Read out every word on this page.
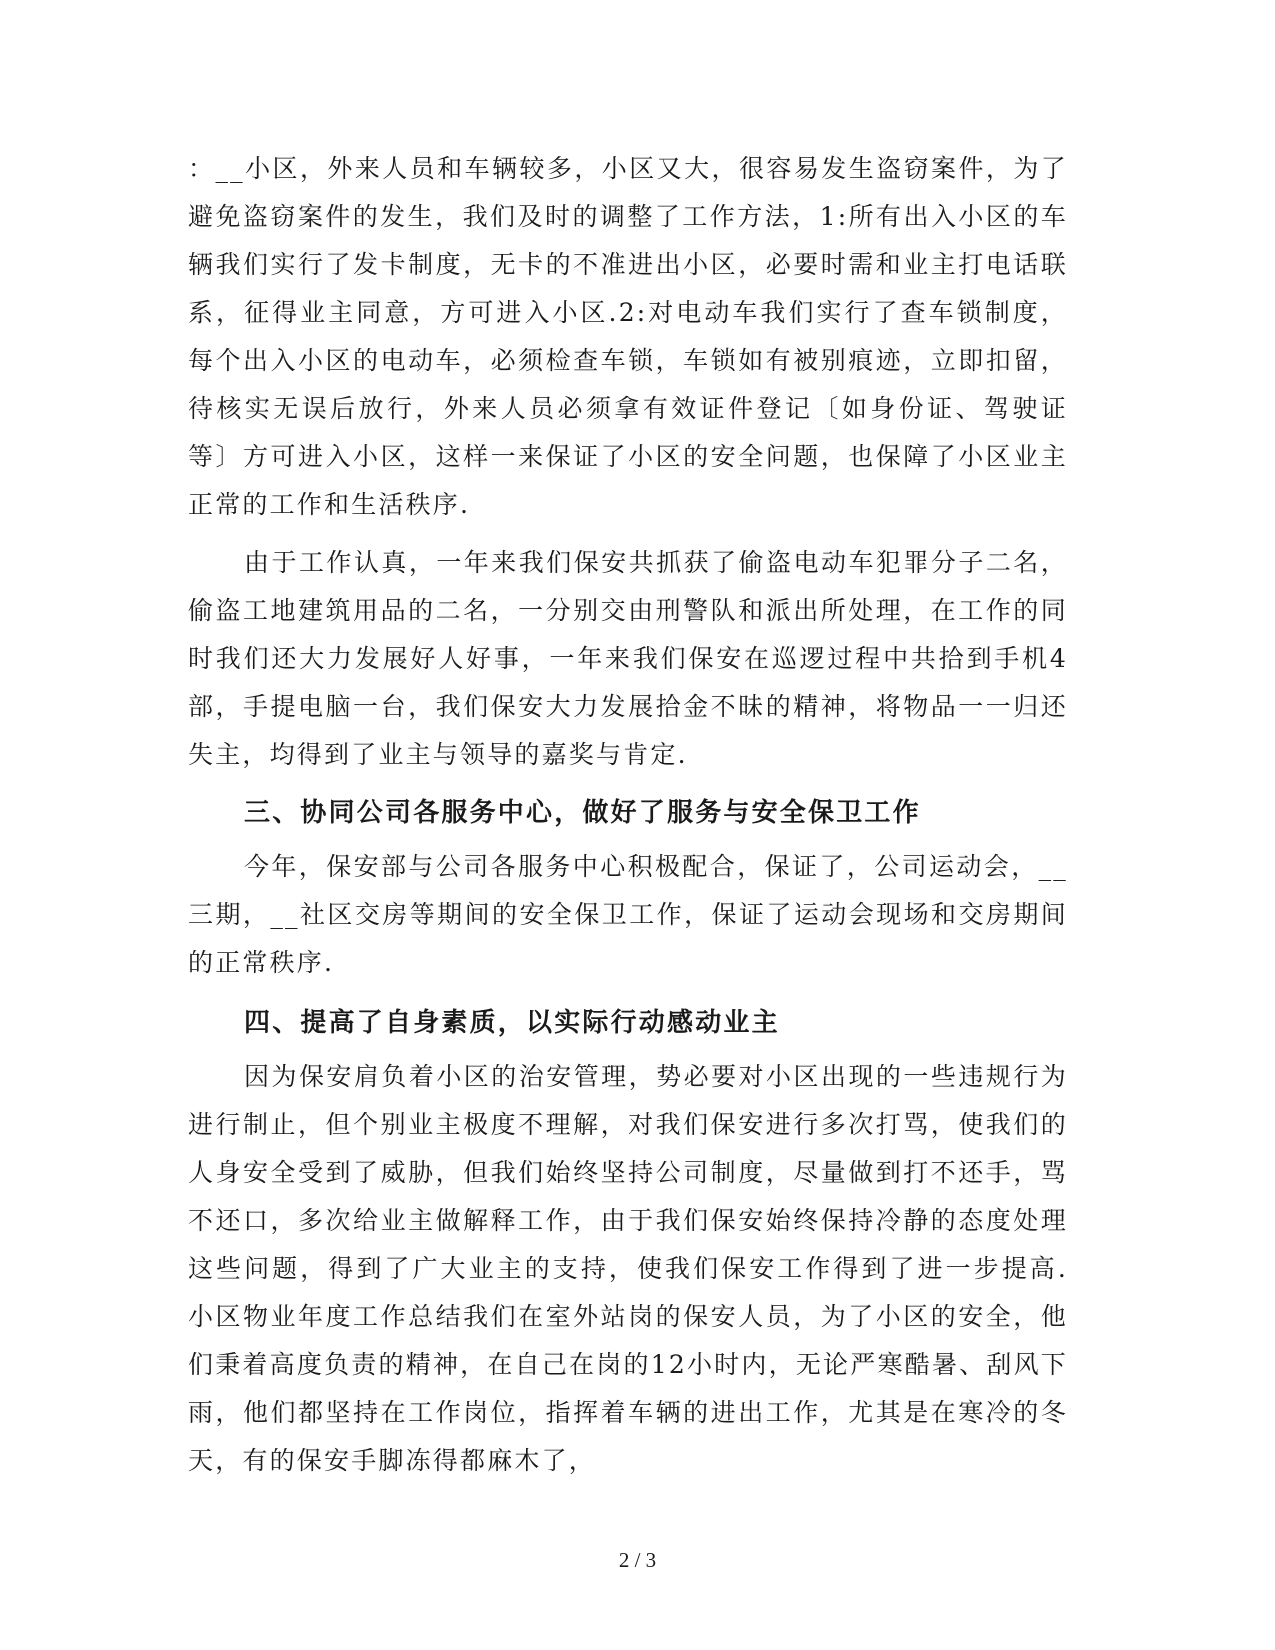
：__小区，外来人员和车辆较多，小区又大，很容易发生盗窃案件，为了避免盗窃案件的发生，我们及时的调整了工作方法，1:所有出入小区的车辆我们实行了发卡制度，无卡的不准进出小区，必要时需和业主打电话联系，征得业主同意，方可进入小区.2:对电动车我们实行了查车锁制度，每个出入小区的电动车，必须检查车锁，车锁如有被别痕迹，立即扣留，待核实无误后放行，外来人员必须拿有效证件登记〔如身份证、驾驶证等〕方可进入小区，这样一来保证了小区的安全问题，也保障了小区业主正常的工作和生活秩序.

由于工作认真，一年来我们保安共抓获了偷盗电动车犯罪分子二名，偷盗工地建筑用品的二名，一分别交由刑警队和派出所处理，在工作的同时我们还大力发展好人好事，一年来我们保安在巡逻过程中共拾到手机4部，手提电脑一台，我们保安大力发展拾金不昧的精神，将物品一一归还失主，均得到了业主与领导的嘉奖与肯定.

三、协同公司各服务中心，做好了服务与安全保卫工作

今年，保安部与公司各服务中心积极配合，保证了，公司运动会，__三期，__社区交房等期间的安全保卫工作，保证了运动会现场和交房期间的正常秩序.

四、提高了自身素质，以实际行动感动业主

因为保安肩负着小区的治安管理，势必要对小区出现的一些违规行为进行制止，但个别业主极度不理解，对我们保安进行多次打骂，使我们的人身安全受到了威胁，但我们始终坚持公司制度，尽量做到打不还手，骂不还口，多次给业主做解释工作，由于我们保安始终保持冷静的态度处理这些问题，得到了广大业主的支持，使我们保安工作得到了进一步提高.小区物业年度工作总结我们在室外站岗的保安人员，为了小区的安全，他们秉着高度负责的精神，在自己在岗的12小时内，无论严寒酷暑、刮风下雨，他们都坚持在工作岗位，指挥着车辆的进出工作，尤其是在寒冷的冬天，有的保安手脚冻得都麻木了，

2 / 3
